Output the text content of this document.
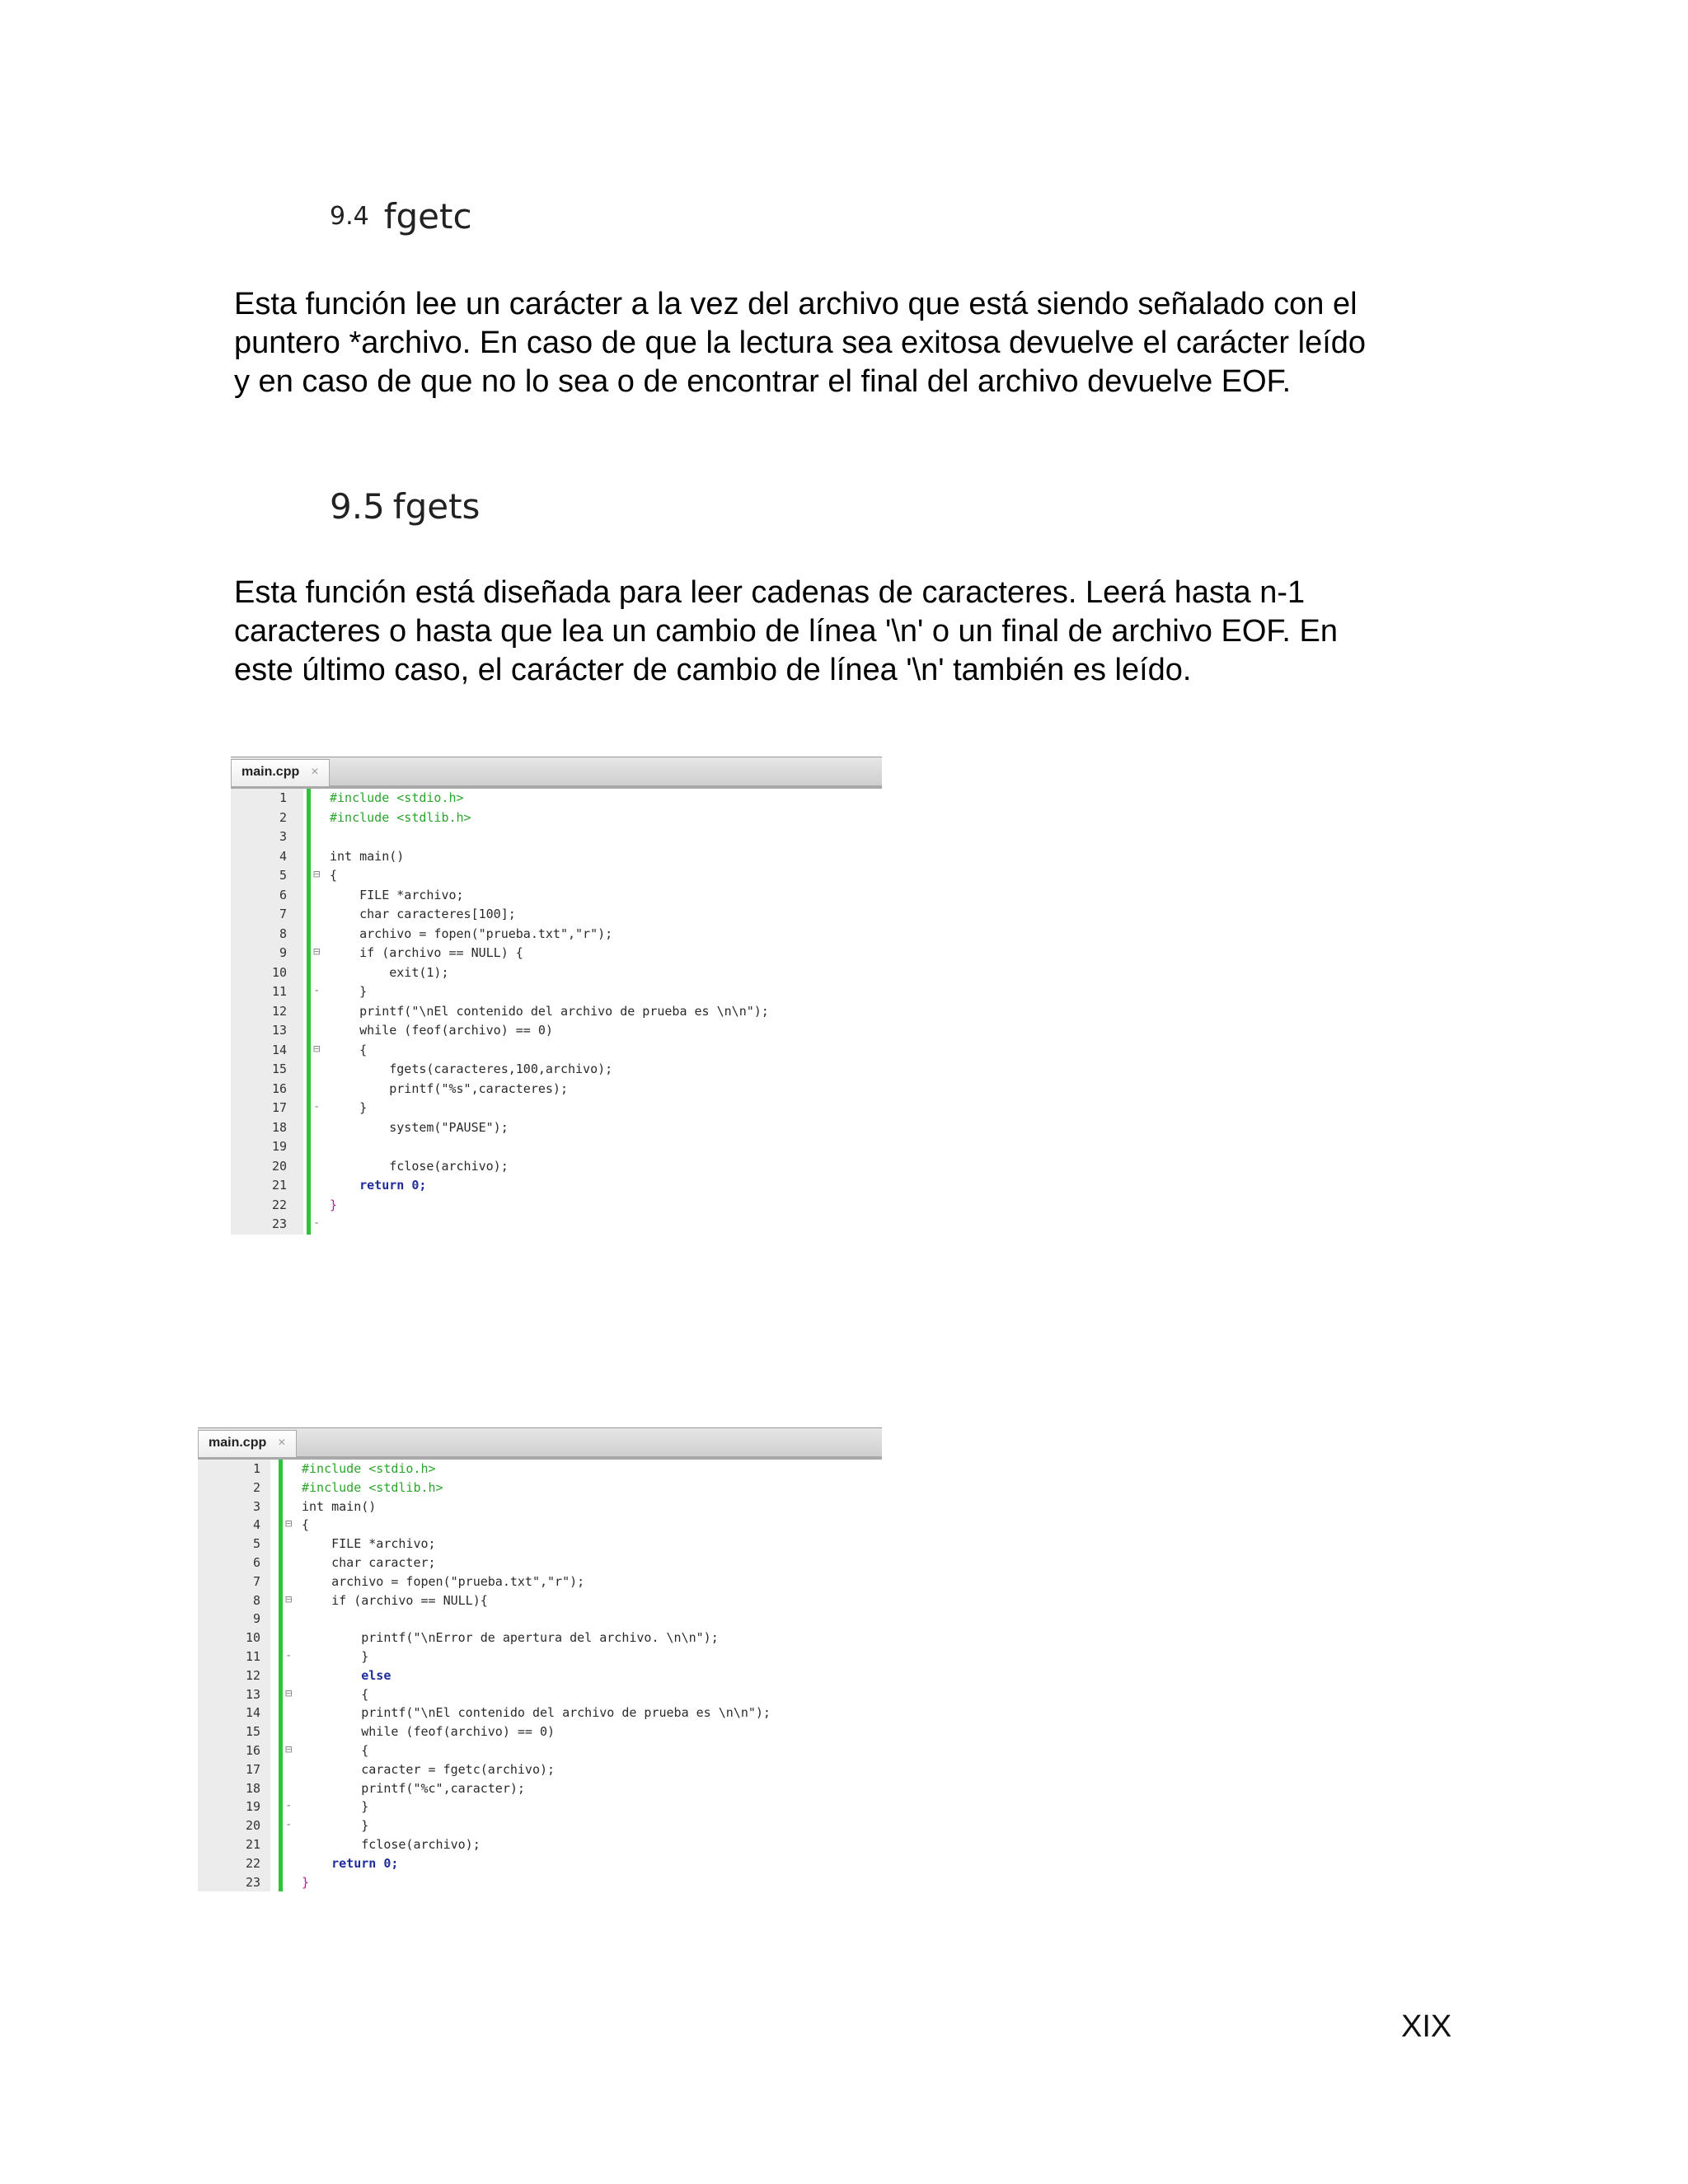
9.4 fgetc
Esta función lee un carácter a la vez del archivo que está siendo señalado con el
puntero *archivo. En caso de que la lectura sea exitosa devuelve el carácter leído
y en caso de que no lo sea o de encontrar el final del archivo devuelve EOF.
9.5 fgets
Esta función está diseñada para leer cadenas de caracteres. Leerá hasta n-1
caracteres o hasta que lea un cambio de línea '\n' o un final de archivo EOF. En
este último caso, el carácter de cambio de línea '\n' también es leído.
main.cpp ×
1	#include <stdio.h>
2	#include <stdlib.h>
3
4	int main()
5 ⊟ {
6	FILE *archivo;
7	char caracteres[100];
8	archivo = fopen("prueba.txt","r");
9 ⊟ if (archivo == NULL) {
10	exit(1);
11 - }
12	printf("\nEl contenido del archivo de prueba es \n\n");
13	while (feof(archivo) == 0)
14 ⊟ {
15	fgets(caracteres,100,archivo);
16	printf("%s",caracteres);
17 - }
18	system("PAUSE");
19
20	fclose(archivo);
21	return 0;
22	}
23 -
main.cpp ×
1	#include <stdio.h>
2	#include <stdlib.h>
3	int main()
4 ⊟ {
5	FILE *archivo;
6	char caracter;
7	archivo = fopen("prueba.txt","r");
8 ⊟ if (archivo == NULL){
9
10	printf("\nError de apertura del archivo. \n\n");
11 - }
12	else
13 ⊟ {
14	printf("\nEl contenido del archivo de prueba es \n\n");
15	while (feof(archivo) == 0)
16 ⊟ {
17	caracter = fgetc(archivo);
18	printf("%c",caracter);
19 - }
20 - }
21	fclose(archivo);
22	return 0;
23	}
XIX
